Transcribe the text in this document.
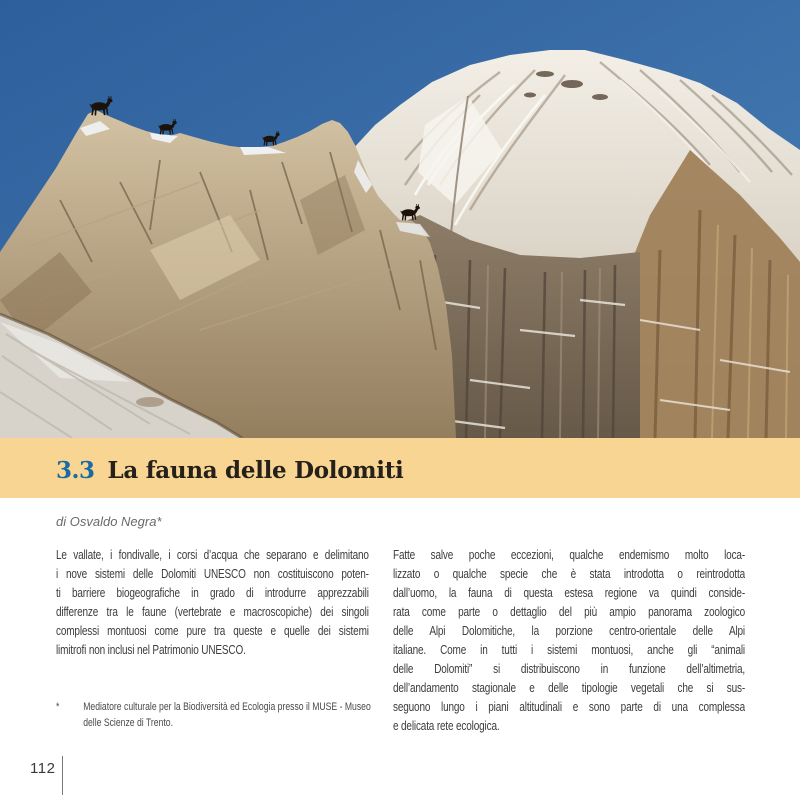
3.3 La fauna delle Dolomiti
di Osvaldo Negra*
Le vallate, i fondivalle, i corsi d’acqua che separano e delimitano
i nove sistemi delle Dolomiti UNESCO non costituiscono poten-
ti barriere biogeografiche in grado di introdurre apprezzabili
differenze tra le faune (vertebrate e macroscopiche) dei singoli
complessi montuosi come pure tra queste e quelle dei sistemi
limitrofi non inclusi nel Patrimonio UNESCO.
Fatte salve poche eccezioni, qualche endemismo molto loca-
lizzato o qualche specie che è stata introdotta o reintrodotta
dall’uomo, la fauna di questa estesa regione va quindi conside-
rata come parte o dettaglio del più ampio panorama zoologico
delle Alpi Dolomitiche, la porzione centro-orientale delle Alpi
italiane. Come in tutti i sistemi montuosi, anche gli “animali
delle Dolomiti” si distribuiscono in funzione dell’altimetria,
dell’andamento stagionale e delle tipologie vegetali che si sus-
seguono lungo i piani altitudinali e sono parte di una complessa
e delicata rete ecologica.
*	Mediatore culturale per la Biodiversità ed Ecologia presso il MUSE - Museo
delle Scienze di Trento.
112
